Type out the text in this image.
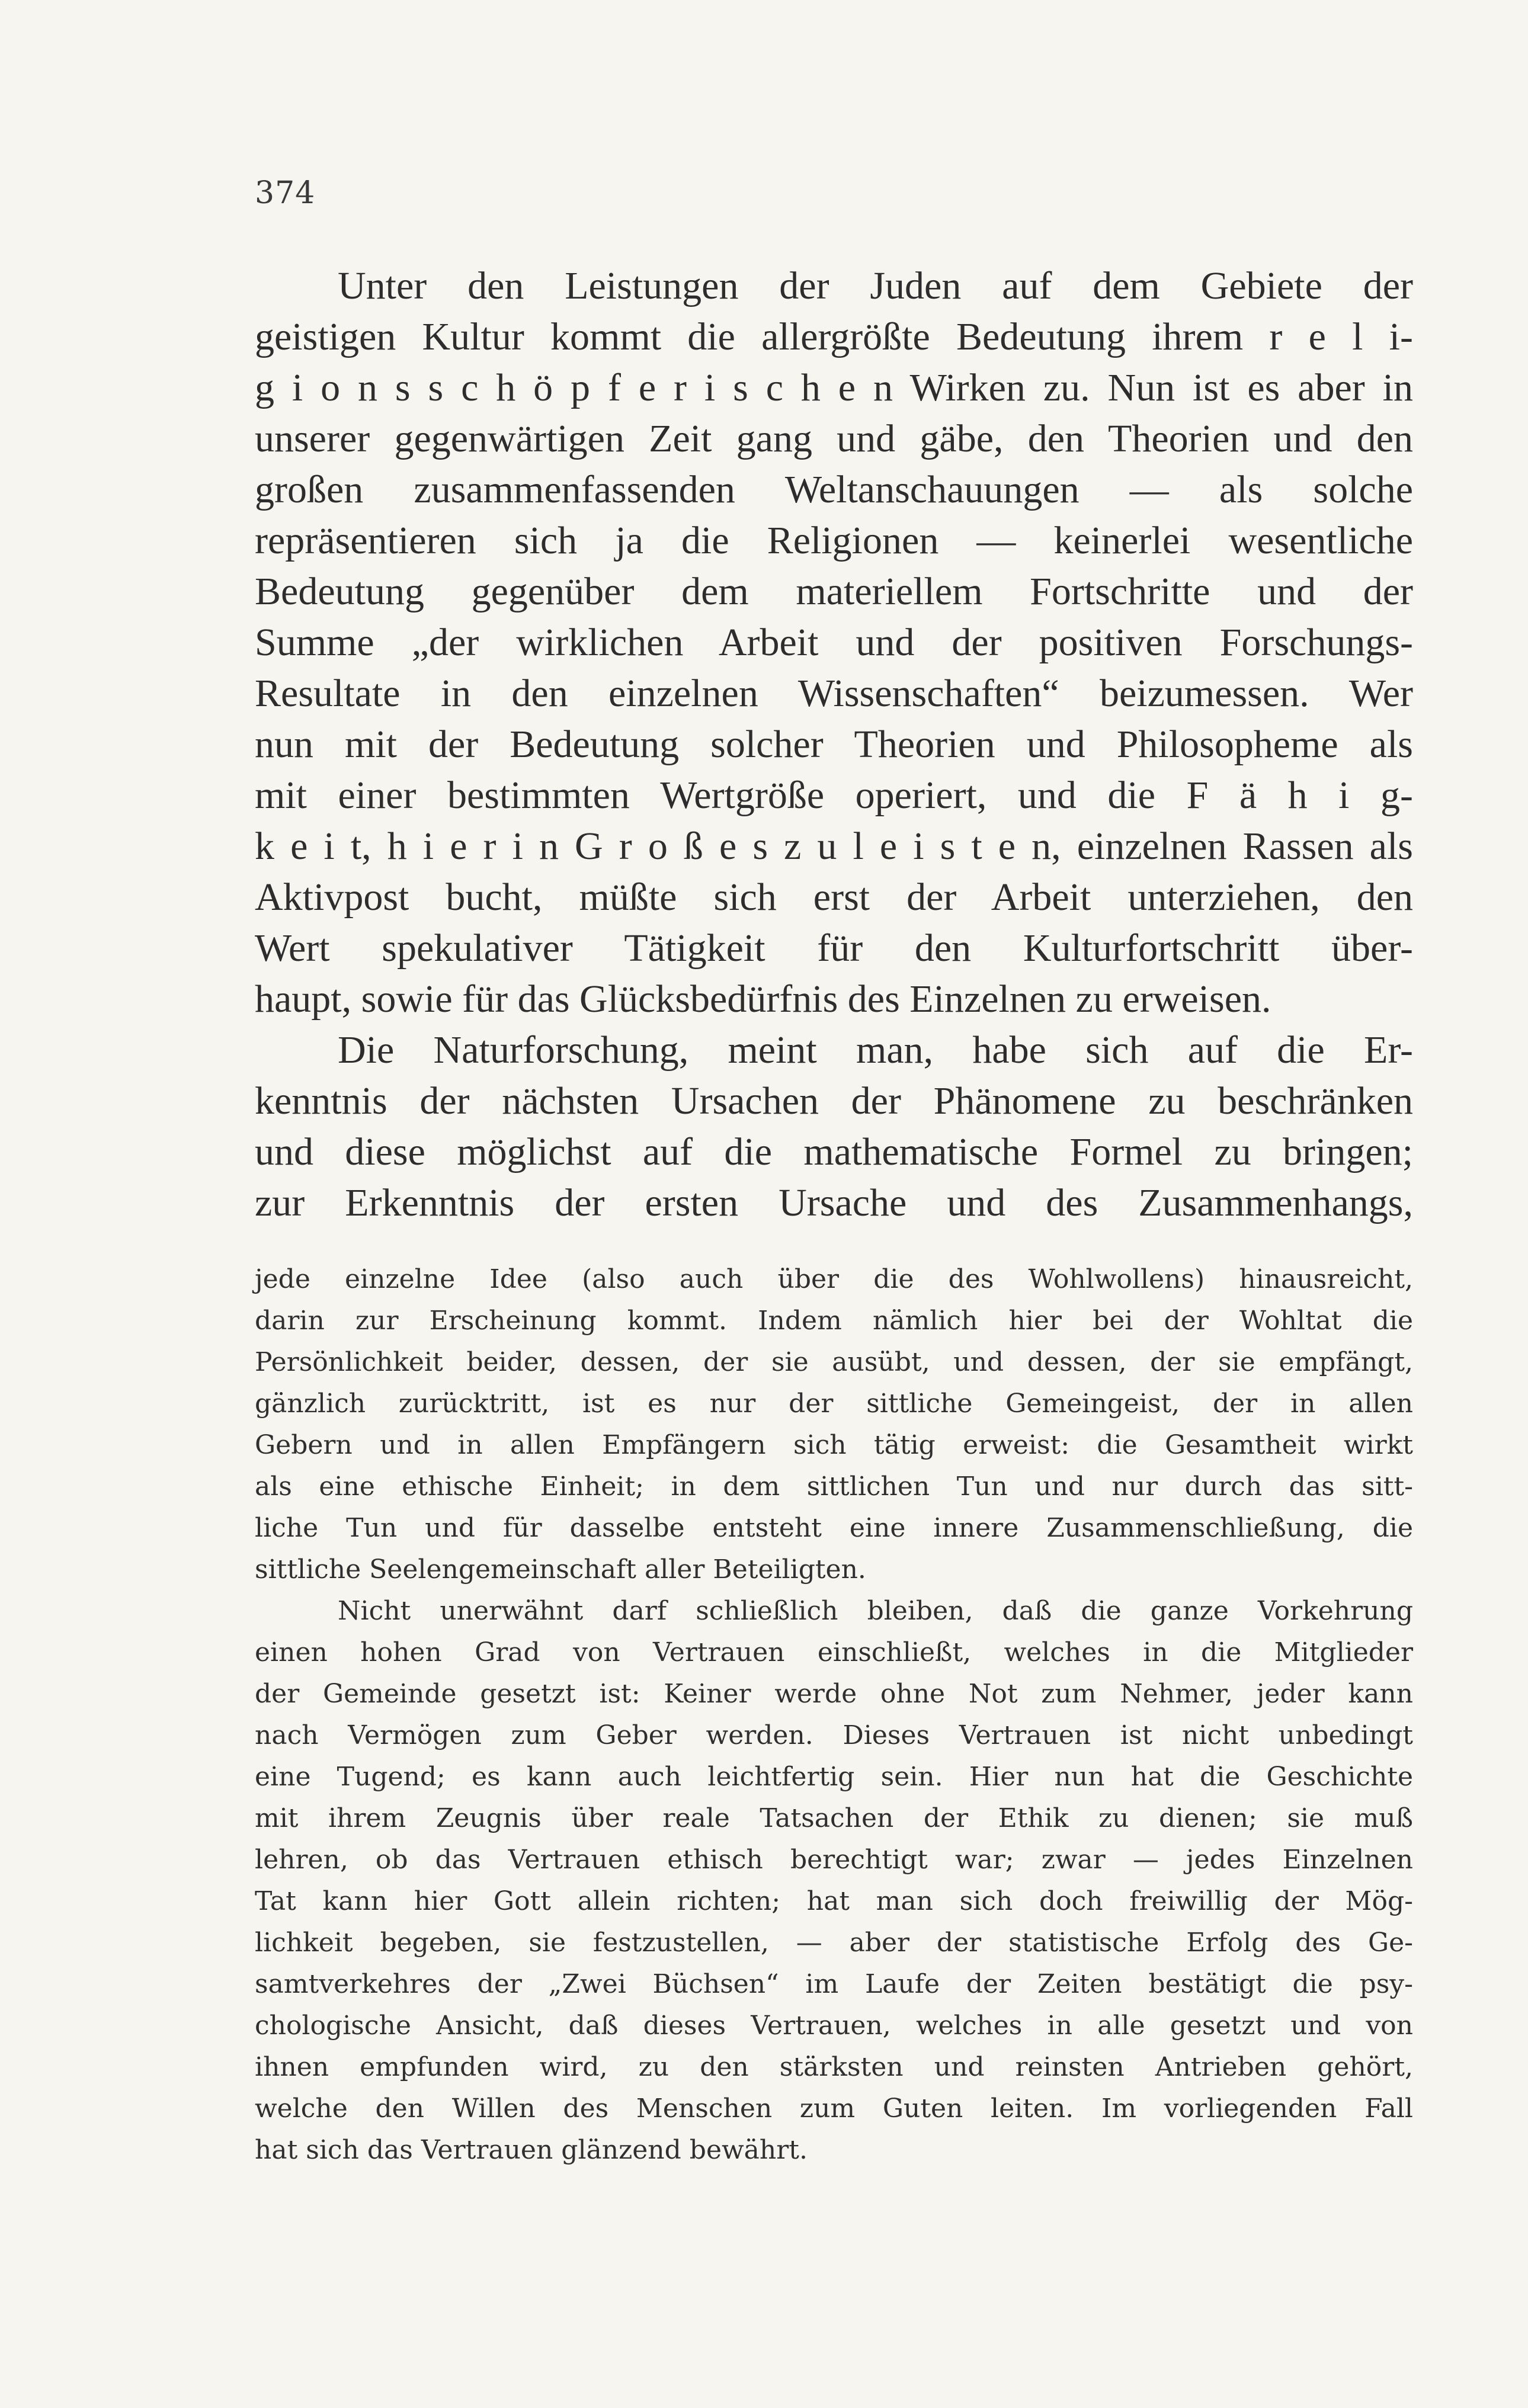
374
Unter den Leistungen der Juden auf dem Gebiete der
geistigen Kultur kommt die allergrößte Bedeutung ihrem r e l i-
g i o n s s c h ö p f e r i s c h e n Wirken zu. Nun ist es aber in
unserer gegenwärtigen Zeit gang und gäbe, den Theorien und den
großen zusammenfassenden Weltanschauungen — als solche
repräsentieren sich ja die Religionen — keinerlei wesentliche
Bedeutung gegenüber dem materiellem Fortschritte und der
Summe „der wirklichen Arbeit und der positiven Forschungs-
Resultate in den einzelnen Wissenschaften“ beizumessen. Wer
nun mit der Bedeutung solcher Theorien und Philosopheme als
mit einer bestimmten Wertgröße operiert, und die F ä h i g-
k e i t, h i e r i n G r o ß e s z u l e i s t e n, einzelnen Rassen als
Aktivpost bucht, müßte sich erst der Arbeit unterziehen, den
Wert spekulativer Tätigkeit für den Kulturfortschritt über-
haupt, sowie für das Glücksbedürfnis des Einzelnen zu erweisen.
Die Naturforschung, meint man, habe sich auf die Er-
kenntnis der nächsten Ursachen der Phänomene zu beschränken
und diese möglichst auf die mathematische Formel zu bringen;
zur Erkenntnis der ersten Ursache und des Zusammenhangs,
jede einzelne Idee (also auch über die des Wohlwollens) hinausreicht,
darin zur Erscheinung kommt. Indem nämlich hier bei der Wohltat die
Persönlichkeit beider, dessen, der sie ausübt, und dessen, der sie empfängt,
gänzlich zurücktritt, ist es nur der sittliche Gemeingeist, der in allen
Gebern und in allen Empfängern sich tätig erweist: die Gesamtheit wirkt
als eine ethische Einheit; in dem sittlichen Tun und nur durch das sitt-
liche Tun und für dasselbe entsteht eine innere Zusammenschließung, die
sittliche Seelengemeinschaft aller Beteiligten.
Nicht unerwähnt darf schließlich bleiben, daß die ganze Vorkehrung
einen hohen Grad von Vertrauen einschließt, welches in die Mitglieder
der Gemeinde gesetzt ist: Keiner werde ohne Not zum Nehmer, jeder kann
nach Vermögen zum Geber werden. Dieses Vertrauen ist nicht unbedingt
eine Tugend; es kann auch leichtfertig sein. Hier nun hat die Geschichte
mit ihrem Zeugnis über reale Tatsachen der Ethik zu dienen; sie muß
lehren, ob das Vertrauen ethisch berechtigt war; zwar — jedes Einzelnen
Tat kann hier Gott allein richten; hat man sich doch freiwillig der Mög-
lichkeit begeben, sie festzustellen, — aber der statistische Erfolg des Ge-
samtverkehres der „Zwei Büchsen“ im Laufe der Zeiten bestätigt die psy-
chologische Ansicht, daß dieses Vertrauen, welches in alle gesetzt und von
ihnen empfunden wird, zu den stärksten und reinsten Antrieben gehört,
welche den Willen des Menschen zum Guten leiten. Im vorliegenden Fall
hat sich das Vertrauen glänzend bewährt.
